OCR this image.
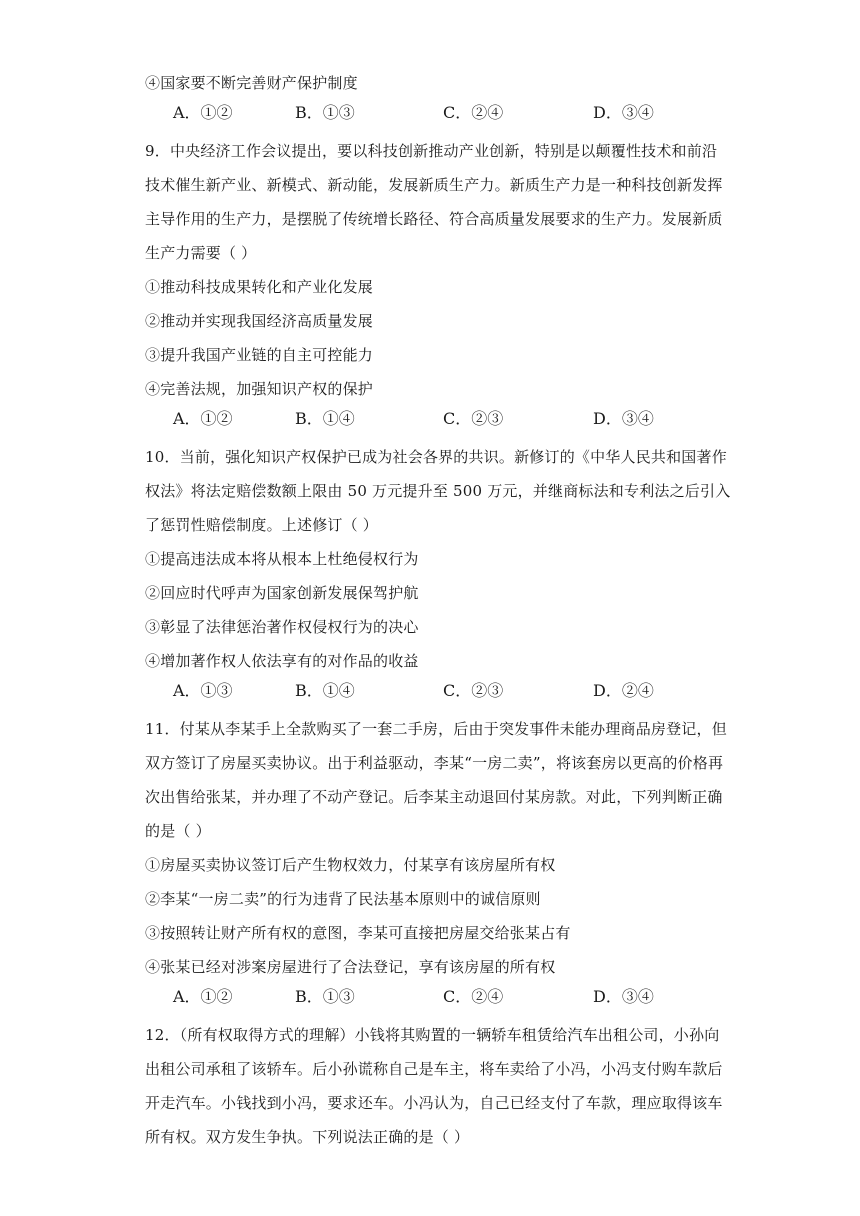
④国家要不断完善财产保护制度
A．①②	B．①③	C．②④	D．③④
9．中央经济工作会议提出，要以科技创新推动产业创新，特别是以颠覆性技术和前沿
技术催生新产业、新模式、新动能，发展新质生产力。新质生产力是一种科技创新发挥
主导作用的生产力，是摆脱了传统增长路径、符合高质量发展要求的生产力。发展新质
生产力需要（ ）
①推动科技成果转化和产业化发展
②推动并实现我国经济高质量发展
③提升我国产业链的自主可控能力
④完善法规，加强知识产权的保护
A．①②	B．①④	C．②③	D．③④
10．当前，强化知识产权保护已成为社会各界的共识。新修订的《中华人民共和国著作
权法》将法定赔偿数额上限由 50 万元提升至 500 万元，并继商标法和专利法之后引入
了惩罚性赔偿制度。上述修订（ ）
①提高违法成本将从根本上杜绝侵权行为
②回应时代呼声为国家创新发展保驾护航
③彰显了法律惩治著作权侵权行为的决心
④增加著作权人依法享有的对作品的收益
A．①③	B．①④	C．②③	D．②④
11．付某从李某手上全款购买了一套二手房，后由于突发事件未能办理商品房登记，但
双方签订了房屋买卖协议。出于利益驱动，李某“一房二卖”，将该套房以更高的价格再
次出售给张某，并办理了不动产登记。后李某主动退回付某房款。对此，下列判断正确
的是（ ）
①房屋买卖协议签订后产生物权效力，付某享有该房屋所有权
②李某“一房二卖”的行为违背了民法基本原则中的诚信原则
③按照转让财产所有权的意图，李某可直接把房屋交给张某占有
④张某已经对涉案房屋进行了合法登记，享有该房屋的所有权
A．①②	B．①③	C．②④	D．③④
12．（所有权取得方式的理解）小钱将其购置的一辆轿车租赁给汽车出租公司，小孙向
出租公司承租了该轿车。后小孙谎称自己是车主，将车卖给了小冯，小冯支付购车款后
开走汽车。小钱找到小冯，要求还车。小冯认为，自己已经支付了车款，理应取得该车
所有权。双方发生争执。下列说法正确的是（ ）
